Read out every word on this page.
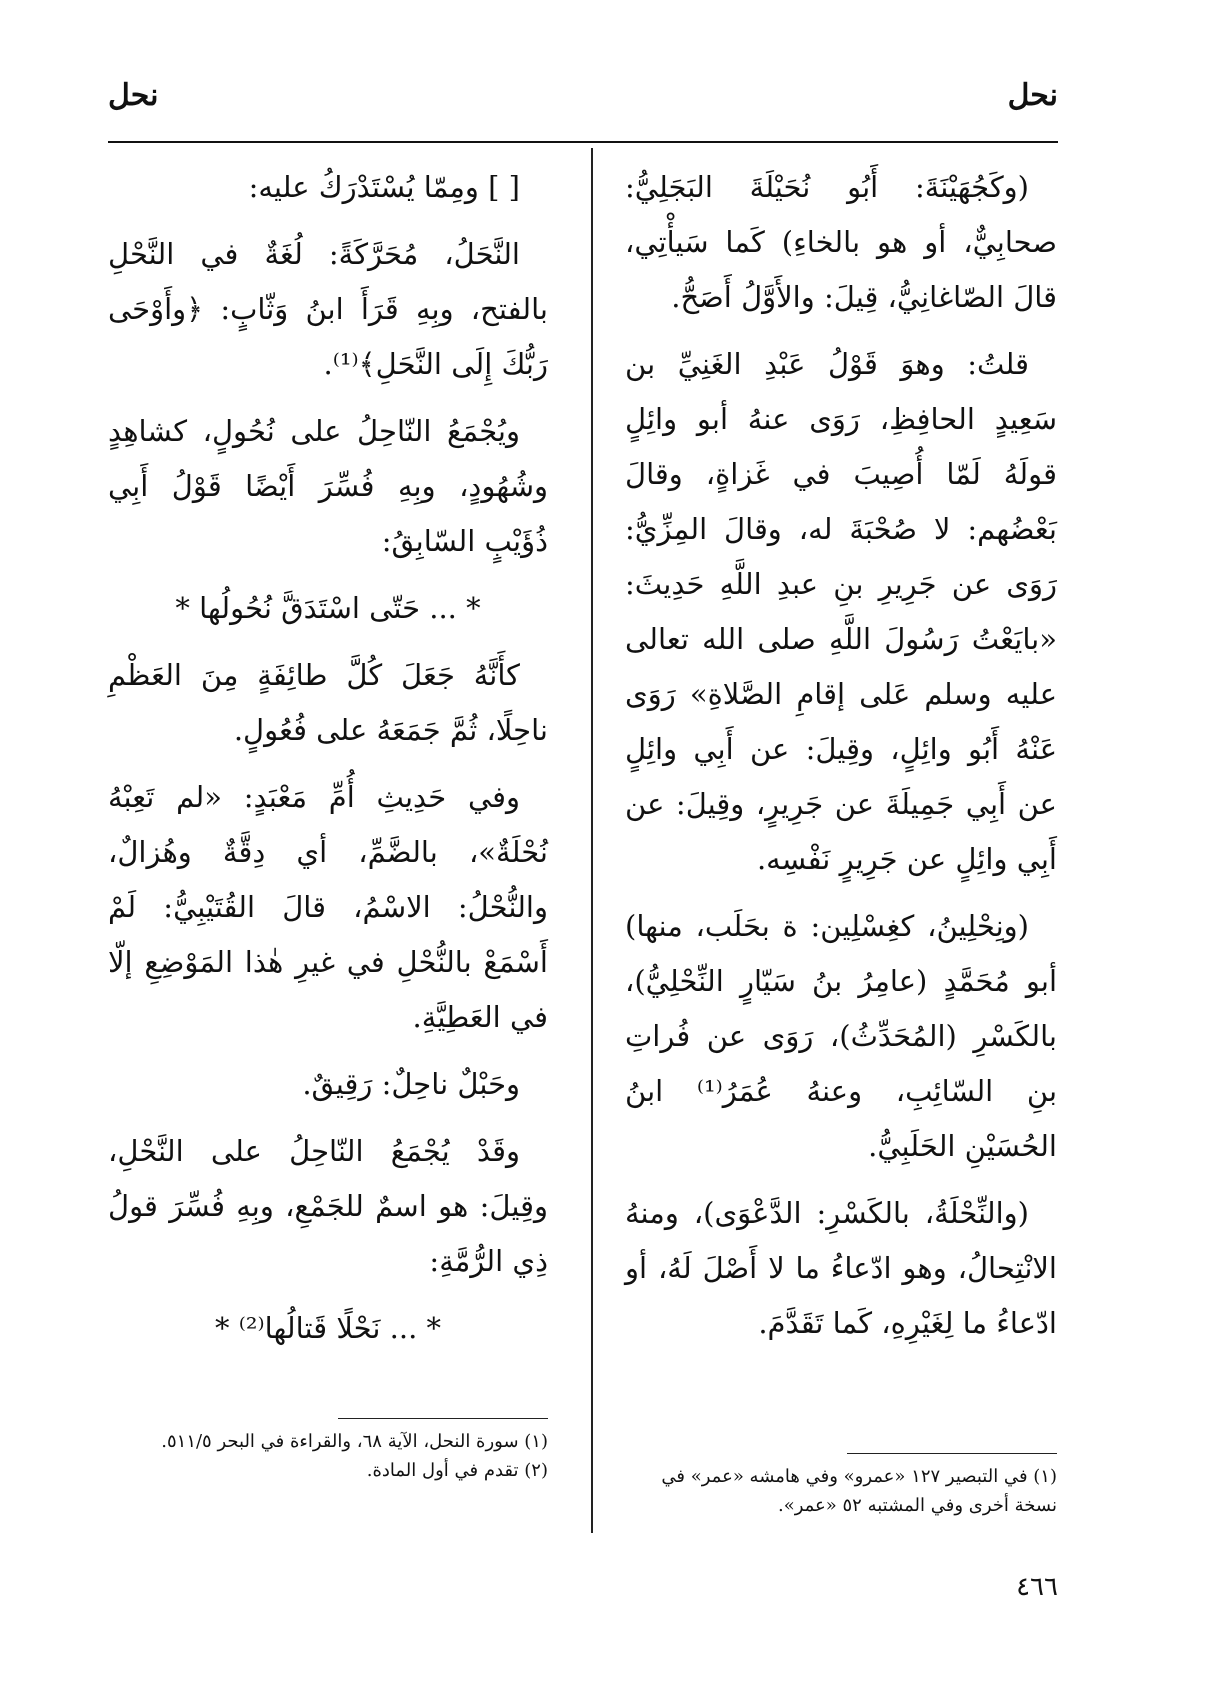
نحل
نحل

(وكَجُهَيْنَةَ: أَبُو نُحَيْلَةَ البَجَلِيُّ: صحابِيٌّ، أو هو بالخاءِ) كَما سَيأْتِي، قالَ الصّاغانِيُّ، قِيلَ: والأَوَّلُ أَصَحُّ.

قلتُ: وهوَ قَوْلُ عَبْدِ الغَنِيِّ بن سَعِيدٍ الحافِظِ، رَوَى عنهُ أبو وائِلٍ قولَهُ لَمّا أُصِيبَ في غَزاةٍ، وقالَ بَعْضُهم: لا صُحْبَةَ له، وقالَ المِزِّيُّ: رَوَى عن جَرِيرِ بنِ عبدِ اللَّهِ حَدِيثَ: «بايَعْتُ رَسُولَ اللَّهِ صلى الله تعالى عليه وسلم عَلى إقامِ الصَّلاةِ» رَوَى عَنْهُ أَبُو وائِلٍ، وقِيلَ: عن أَبِي وائِلٍ عن أَبِي جَمِيلَةَ عن جَرِيرٍ، وقِيلَ: عن أَبِي وائِلٍ عن جَرِيرٍ نَفْسِه.

(ونِحْلِينُ، كغِسْلِين: ة بحَلَب، منها) أبو مُحَمَّدٍ (عامِرُ بنُ سَيّارٍ النِّحْلِيُّ)، بالكَسْرِ (المُحَدِّثُ)، رَوَى عن فُراتِ بنِ السّائِبِ، وعنهُ عُمَرُ⁽¹⁾ ابنُ الحُسَيْنِ الحَلَبِيُّ.

(والنِّحْلَةُ، بالكَسْرِ: الدَّعْوَى)، ومنهُ الانْتِحالُ، وهو ادّعاءُ ما لا أَصْلَ لَهُ، أو ادّعاءُ ما لِغَيْرِهِ، كَما تَقَدَّمَ.

[ ] ومِمّا يُسْتَدْرَكُ عليه:

النَّحَلُ، مُحَرَّكَةً: لُغَةٌ في النَّحْلِ بالفتح، وبِهِ قَرَأَ ابنُ وَثّابٍ: ﴿وأَوْحَى رَبُّكَ إِلَى النَّحَلِ﴾⁽¹⁾.

ويُجْمَعُ النّاحِلُ على نُحُولٍ، كشاهِدٍ وشُهُودٍ، وبِهِ فُسِّرَ أَيْضًا قَوْلُ أَبِي ذُؤَيْبٍ السّابِقُ:

* ... حَتّى اسْتَدَقَّ نُحُولُها *

كأَنَّهُ جَعَلَ كُلَّ طائِفَةٍ مِنَ العَظْمِ ناحِلًا، ثُمَّ جَمَعَهُ على فُعُولٍ.

وفي حَدِيثِ أُمِّ مَعْبَدٍ: «لم تَعِبْهُ نُحْلَةٌ»، بالضَّمِّ، أي دِقَّةٌ وهُزالٌ، والنُّحْلُ: الاسْمُ، قالَ القُتَيْبِيُّ: لَمْ أَسْمَعْ بالنُّحْلِ في غيرِ هٰذا المَوْضِعِ إلّا في العَطِيَّةِ.

وحَبْلٌ ناحِلٌ: رَقِيقٌ.

وقَدْ يُجْمَعُ النّاحِلُ على النَّحْلِ، وقِيلَ: هو اسمٌ للجَمْعِ، وبِهِ فُسِّرَ قولُ ذِي الرُّمَّةِ:

* ... نَحْلًا قَتالُها⁽²⁾ *

(١) في التبصير ١٢٧ «عمرو» وفي هامشه «عمر» في نسخة أخرى وفي المشتبه ٥٢ «عمر».

(١) سورة النحل، الآية ٦٨، والقراءة في البحر ٥١١/٥.

(٢) تقدم في أول المادة.

٤٦٦
